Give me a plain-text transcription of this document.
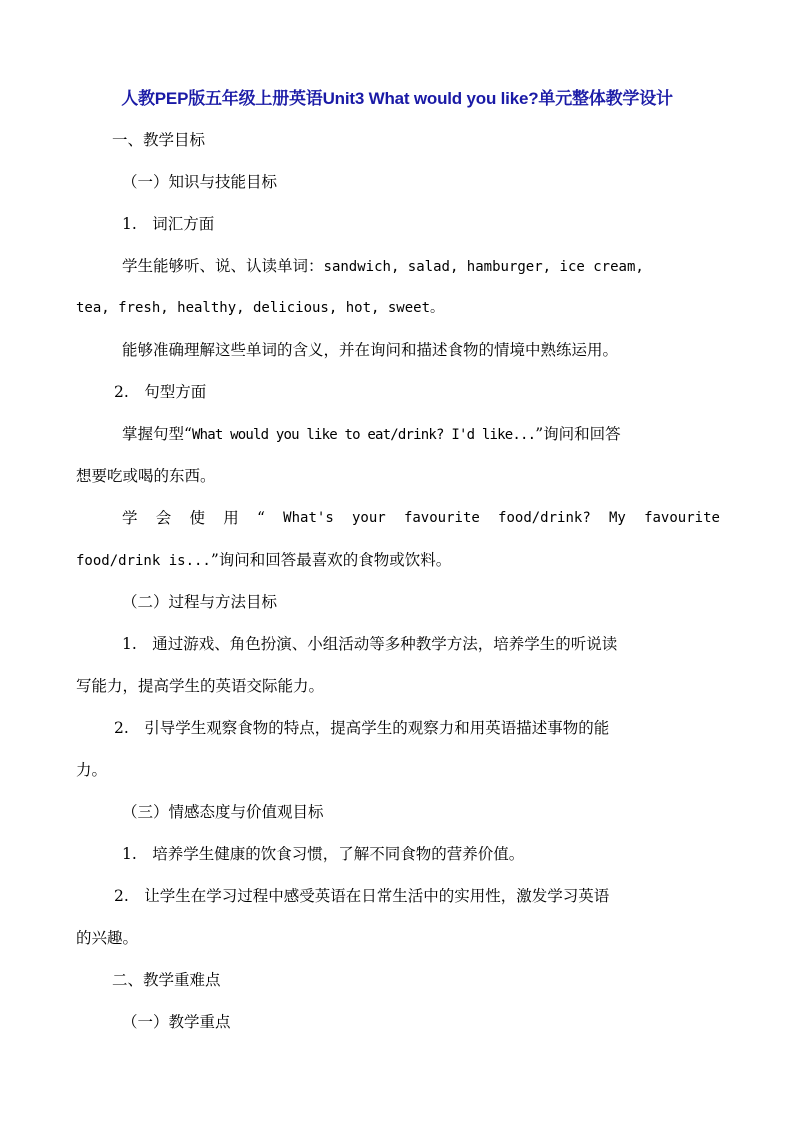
人教PEP版五年级上册英语Unit3 What would you like?单元整体教学设计
一、教学目标
（一）知识与技能目标
1.　词汇方面
学生能够听、说、认读单词：sandwich, salad, hamburger, ice cream,
tea, fresh, healthy, delicious, hot, sweet。
能够准确理解这些单词的含义，并在询问和描述食物的情境中熟练运用。
2.　句型方面
掌握句型“What would you like to eat/drink? I'd like...”询问和回答
想要吃或喝的东西。
学 会 使 用 “ What's your favourite food/drink? My favourite
food/drink is...”询问和回答最喜欢的食物或饮料。
（二）过程与方法目标
1.　通过游戏、角色扮演、小组活动等多种教学方法，培养学生的听说读
写能力，提高学生的英语交际能力。
2.　引导学生观察食物的特点，提高学生的观察力和用英语描述事物的能
力。
（三）情感态度与价值观目标
1.　培养学生健康的饮食习惯，了解不同食物的营养价值。
2.　让学生在学习过程中感受英语在日常生活中的实用性，激发学习英语
的兴趣。
二、教学重难点
（一）教学重点
